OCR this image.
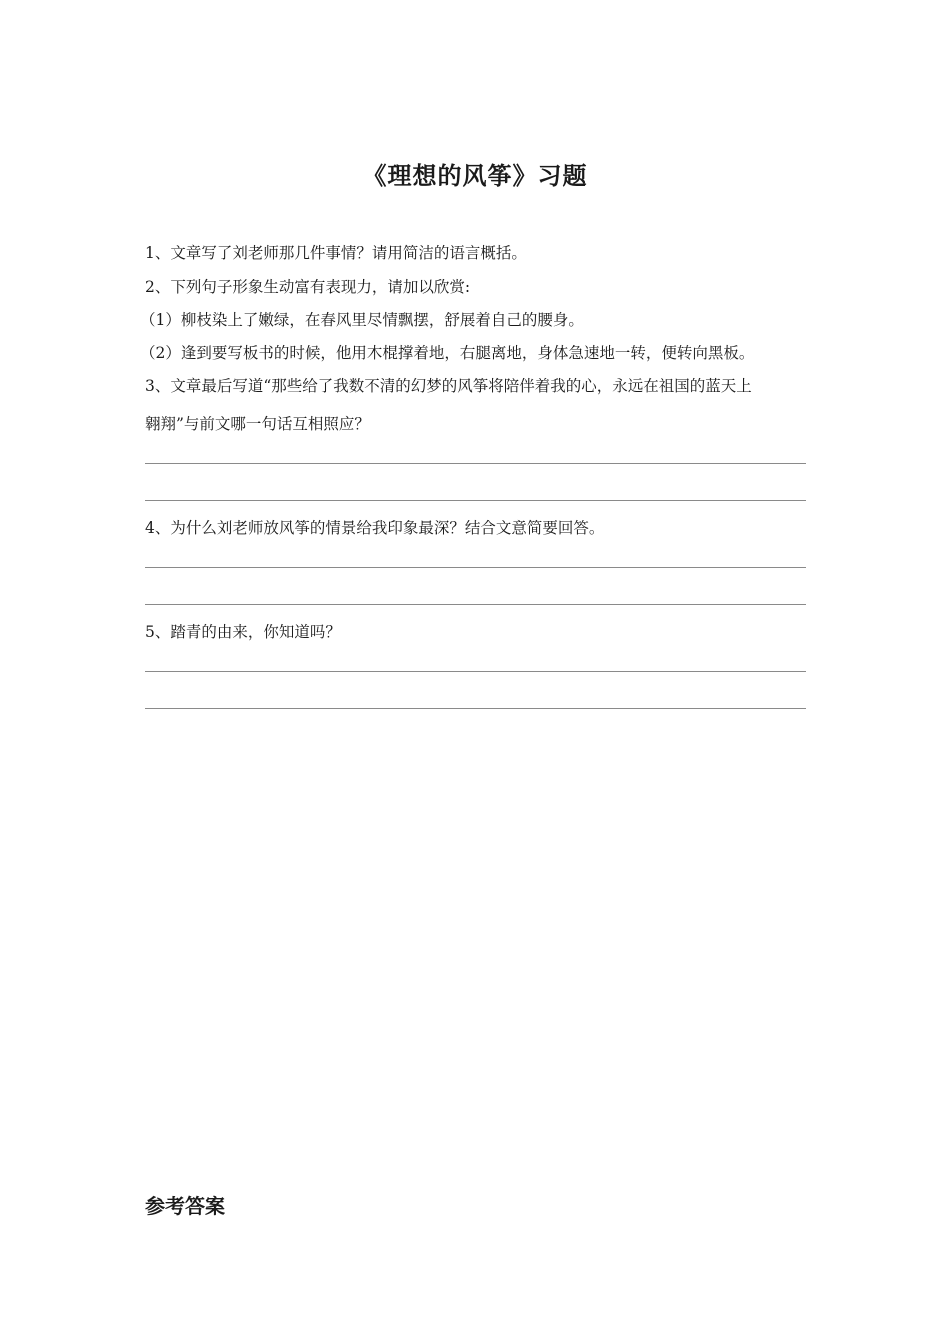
《理想的风筝》习题
1、文章写了刘老师那几件事情？请用简洁的语言概括。
2、下列句子形象生动富有表现力，请加以欣赏:
（1）柳枝染上了嫩绿，在春风里尽情飘摆，舒展着自己的腰身。
（2）逢到要写板书的时候，他用木棍撑着地，右腿离地，身体急速地一转，便转向黑板。
3、文章最后写道“那些给了我数不清的幻梦的风筝将陪伴着我的心，永远在祖国的蓝天上
翱翔”与前文哪一句话互相照应？
4、为什么刘老师放风筝的情景给我印象最深？结合文意简要回答。
5、踏青的由来，你知道吗？
参考答案
